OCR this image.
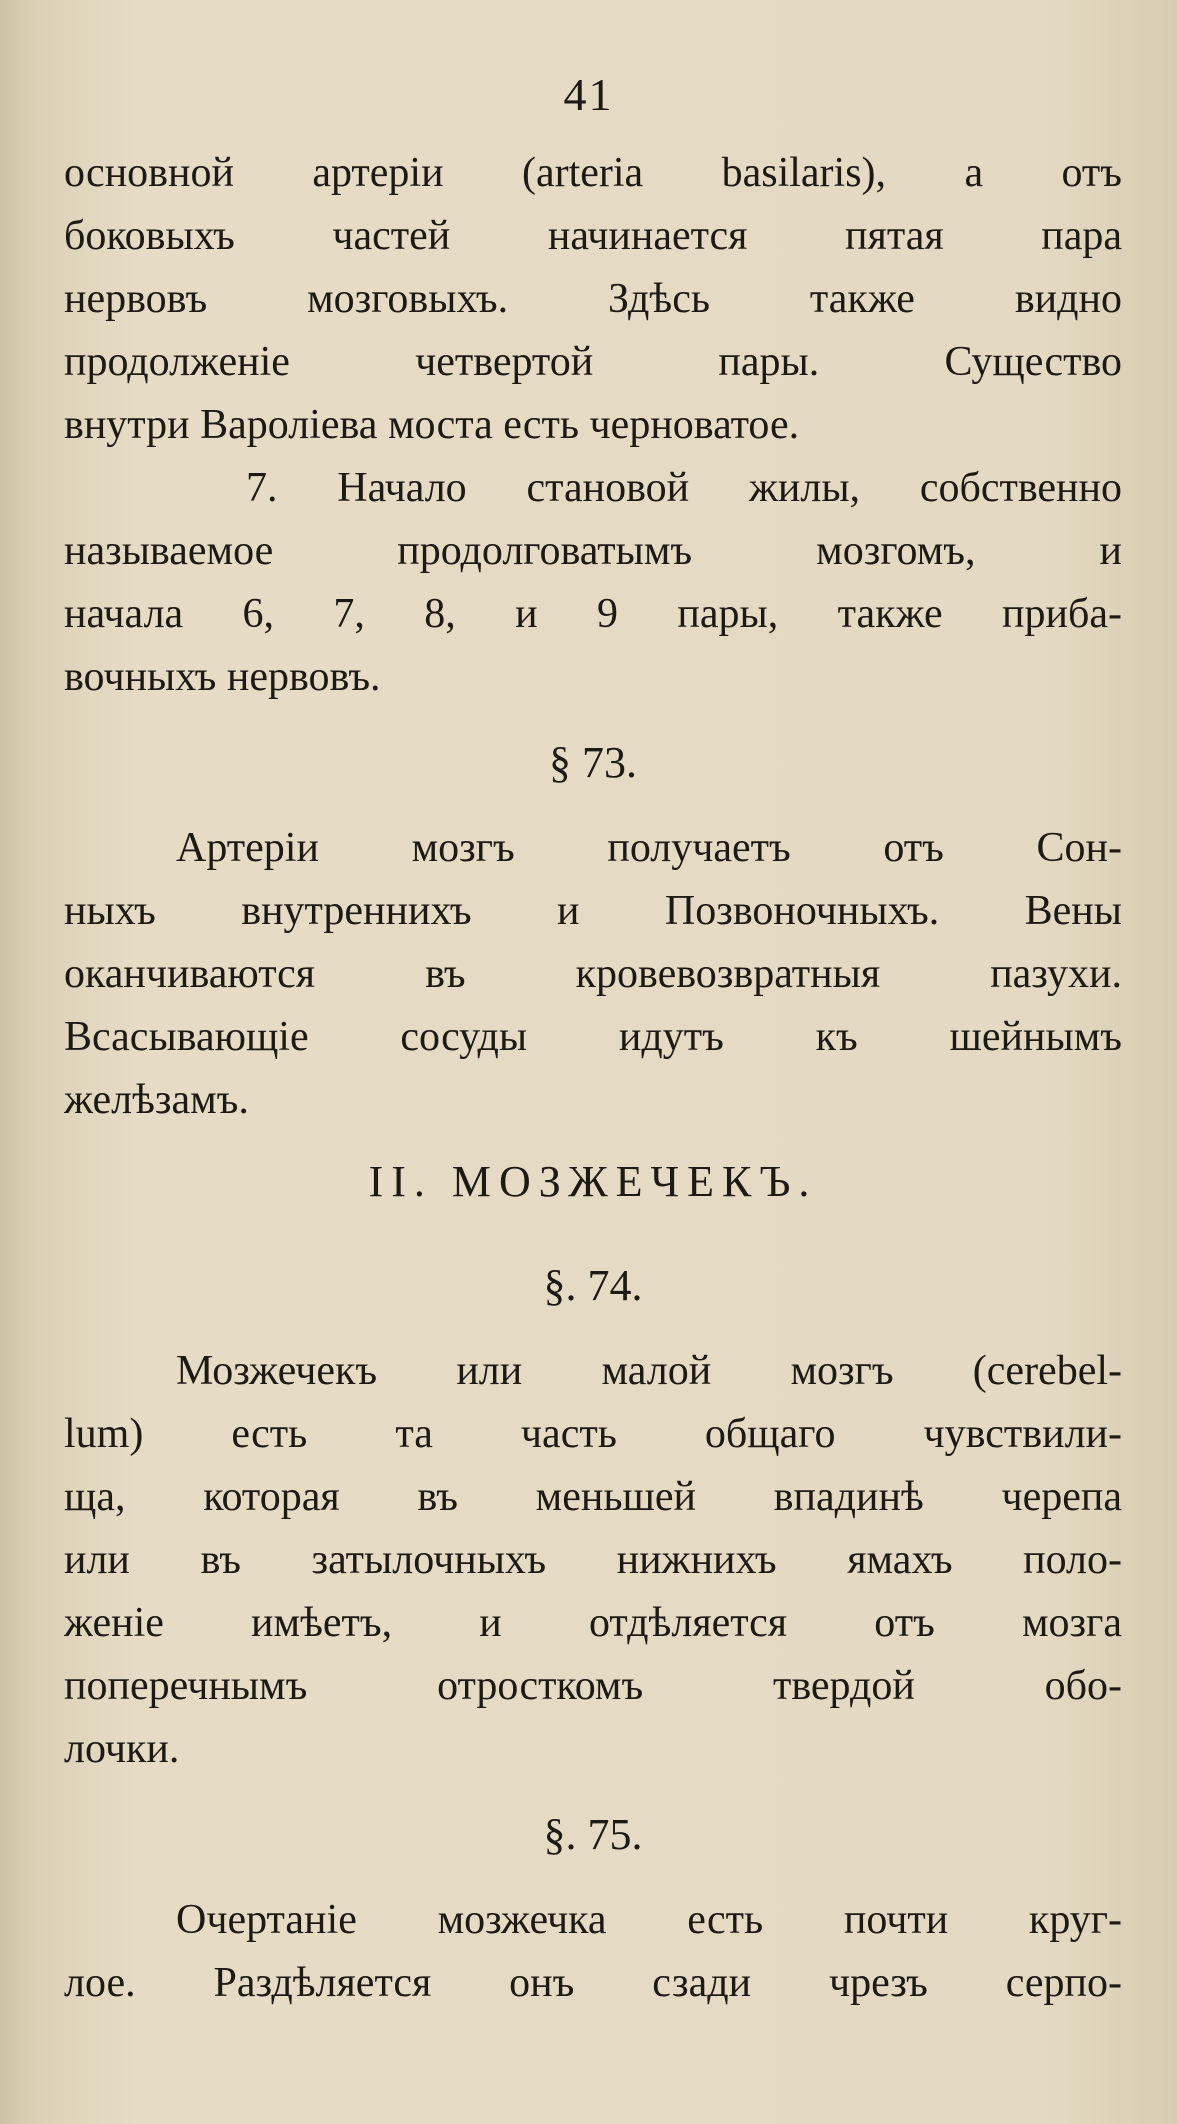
41
основной артеріи (arteria basilaris), а отъ
боковыхъ частей начинается пятая пара
нервовъ мозговыхъ. Здѣсь также видно
продолженіе четвертой пары. Существо
внутри Вароліева моста есть черноватое.
7. Начало становой жилы, собственно
называемое продолговатымъ мозгомъ, и
начала 6, 7, 8, и 9 пары, также приба-
вочныхъ нервовъ.
§ 73.
Артеріи мозгъ получаетъ отъ Сон-
ныхъ внутреннихъ и Позвоночныхъ. Вены
оканчиваются въ кровевозвратныя пазухи.
Всасывающіе сосуды идутъ къ шейнымъ
желѣзамъ.
II. МОЗЖЕЧЕКЪ.
§. 74.
Мозжечекъ или малой мозгъ (cerebel-
lum) есть та часть общаго чувствили-
ща, которая въ меньшей впадинѣ черепа
или въ затылочныхъ нижнихъ ямахъ поло-
женіе имѣетъ, и отдѣляется отъ мозга
поперечнымъ отросткомъ твердой обо-
лочки.
§. 75.
Очертаніе мозжечка есть почти круг-
лое. Раздѣляется онъ сзади чрезъ серпо-
